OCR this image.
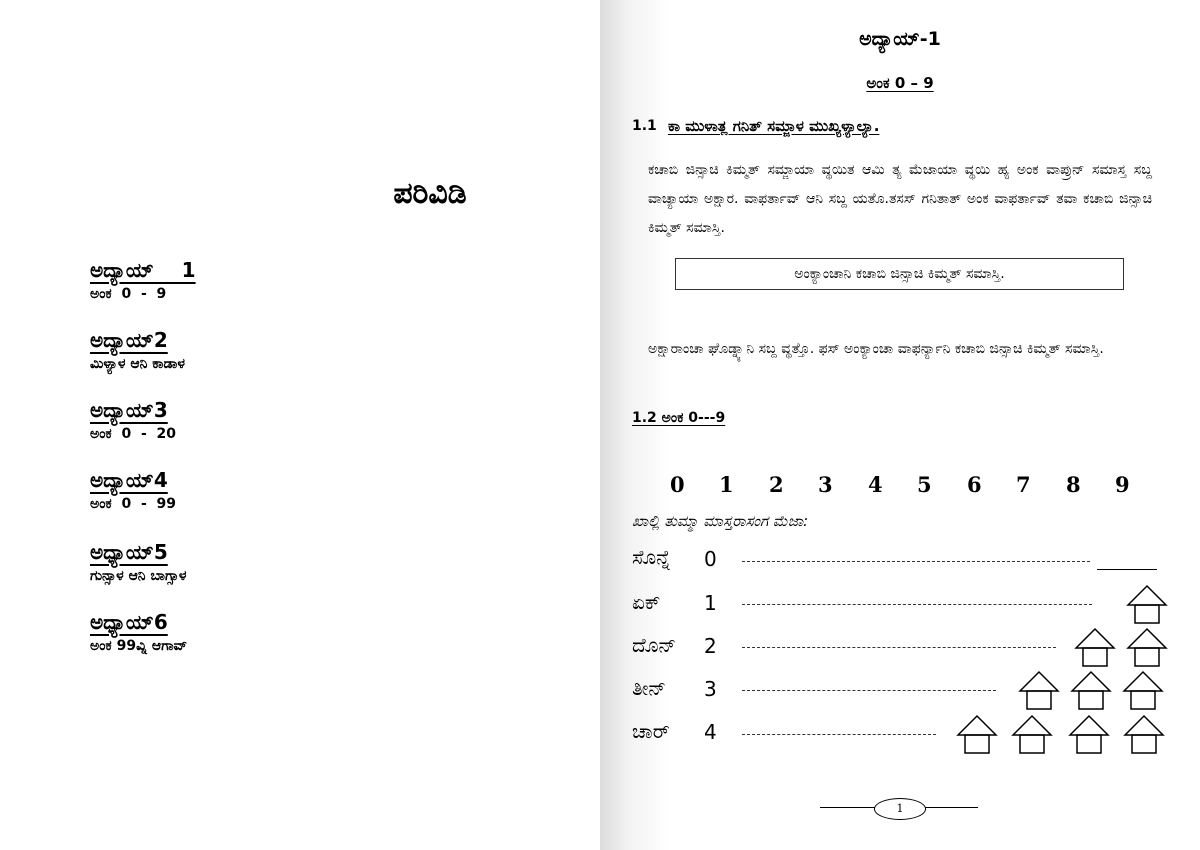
ಪರಿವಿಡಿ
ಅದ್ಯಾಯ್    1
ಅಂಕ  0  -  9
ಅದ್ಯಾಯ್2
ಮಿಳ್ಯಾಳ ಆನಿ ಕಾಡಾಳ
ಅದ್ಯಾಯ್3
ಅಂಕ  0  -  20
ಅದ್ಯಾಯ್4
ಅಂಕ  0  -  99
ಅಧ್ಯಾಯ್5
ಗುನ್ಸಾಳ ಆನಿ ಬಾಗ್ಸಾಳ
ಅಧ್ಯಾಯ್6
ಅಂಕ 99ವ್ನಿ ಆಗಾವ್
ಅದ್ಯಾಯ್-1
ಅಂಕ 0 – 9
1.1 ಕಾ ಮುಳಾತ್ಲ ಗನಿತ್ ಸಮ್ಜಾಳ ಮುಖ್ಯಳ್ಯಾಲ್ಯಾ.
ಕಚಾಬಿ ಜಿನ್ಸಾಚಿ ಕಿಮ್ಮತ್ ಸಮ್ಜಾಯಾ ವ್ಥಯಿತ ಆಮಿ ತ್ಯ ಮೆಜಾಯಾ ವ್ಥಯಿ ಹ್ಯ ಅಂಕ ವಾಪ್ರುನ್ ಸಮಾಸ್ತ ಸಬ್ದ ವಾಚ್ಯಾಯಾ ಅಕ್ಷಾರ. ವಾಫರ್ತಾವ್ ಆನಿ ಸಬ್ದ ಯತೊ.ತಸಸ್ ಗನಿತಾತ್ ಅಂಕ ವಾಫರ್ತಾವ್ ತವಾ ಕಚಾಬಿ ಜಿನ್ಸಾಚಿ ಕಿಮ್ಮತ್ ಸಮಾಸ್ತಿ.
ಅಂಕ್ಯಾಂಚಾನಿ ಕಚಾಬಿ ಜಿನ್ಸಾಚಿ ಕಿಮ್ಮತ್ ಸಮಾಸ್ತಿ.
ಅಕ್ಷಾರಾಂಚಾ ಘೊಡ್ನ್ಯಾನಿ ಸಬ್ದ ವ್ಥತ್ತೊ. ಫಸ್ ಅಂಕ್ಯಾಂಚಾ ವಾಫರ್ನ್ಯಾನಿ ಕಚಾಬಿ ಜಿನ್ಸಾಚಿ ಕಿಮ್ಮತ್ ಸಮಾಸ್ತಿ.
1.2 ಅಂಕ 0---9
0 1 2 3 4 5 6 7 8 9
ಖಾಲ್ಲಿ ತುಮ್ಮಾ ಮಾಸ್ತರಾಸಂಗ ಮೆಜಾ:
ಸೊನ್ನೆ 0
ಏಕ್ 1
ದೊನ್ 2
ತೀನ್ 3
ಚಾರ್ 4
1
